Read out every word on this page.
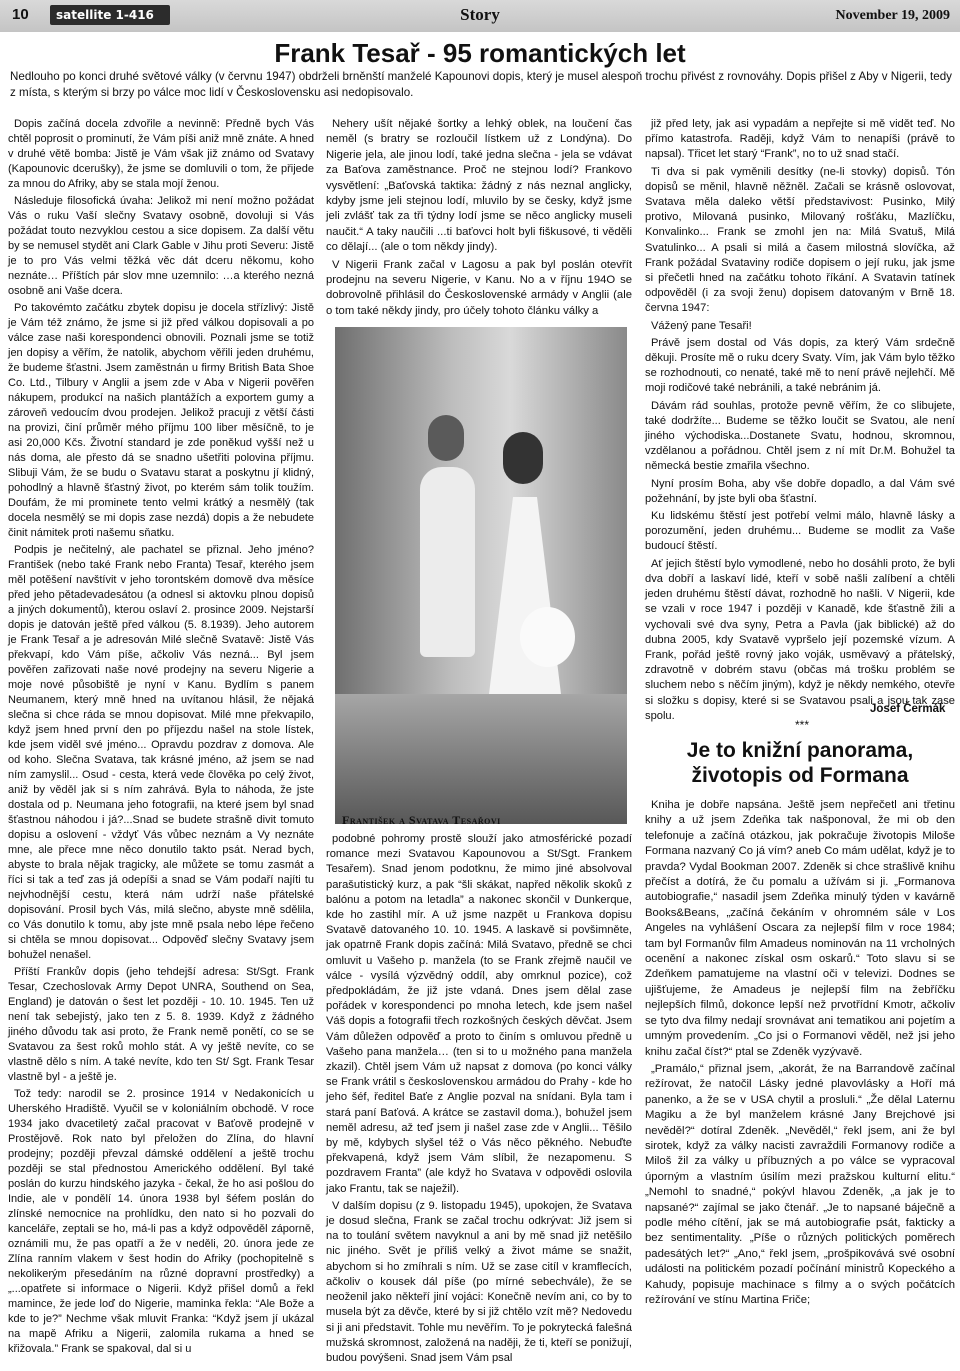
10	satellite 1-416	Story	November 19, 2009
Frank Tesař - 95 romantických let
Nedlouho po konci druhé světové války (v červnu 1947) obdrželi brněnští manželé Kapounovi dopis, který je musel alespoň trochu přivést z rovnováhy. Dopis přišel z Aby v Nigerii, tedy z místa, s kterým si brzy po válce moc lidí v Československu asi nedopisovalo.

Dopis začíná docela zdvořile a nevinně: Předně bych Vás chtěl poprosit o prominutí, že Vám píši aniž mně znáte. A hned v druhé větě bomba: Jistě je Vám však již známo od Svatavy (Kapounovic dcerušky), že jsme se domluvili o tom, že přijede za mnou do Afriky, aby se stala mojí ženou.

Následuje filosofická úvaha: Jelikož mi není možno požádat Vás o ruku Vaší slečny Svatavy osobně, dovoluji si Vás požádat touto nezvyklou cestou a sice dopisem. Za další větu by se nemusel stydět ani Clark Gable v Jihu proti Severu: Jistě je to pro Vás velmi těžká věc dát dceru někomu, koho neznáte… Příštích pár slov mne uzemnilo: …a kterého nezná osobně ani Vaše dcera.

Po takovémto začátku zbytek dopisu je docela střízlivý: Jistě je Vám též známo, že jsme si již před válkou dopisovali a po válce zase naši korespondenci obnovili. Poznali jsme se totiž jen dopisy a věřím, že natolik, abychom věřili jeden druhému, že budeme šťastni. Jsem zaměstnán u firmy British Bata Shoe Co. Ltd., Tilbury v Anglii a jsem zde v Aba v Nigerii pověřen nákupem, produkcí na našich plantážích a exportem gumy a zároveň vedoucím dvou prodejen. Jelikož pracuji z větší části na provizi, činí průměr mého příjmu 100 liber měsíčně, to je asi 20,000 Kčs. Životní standard je zde poněkud vyšší než u nás doma, ale přesto dá se snadno ušetřiti polovina příjmu. Slibuji Vám, že se budu o Svatavu starat a poskytnu jí klidný, pohodlný a hlavně šťastný život, po kterém sám tolik toužím. Doufám, že mi prominete tento velmi krátký a nesmělý (tak docela nesmělý se mi dopis zase nezdá) dopis a že nebudete činit námitek proti našemu sňatku.

Podpis je nečitelný, ale pachatel se přiznal. Jeho jméno? František (nebo také Frank nebo Franta) Tesař, kterého jsem měl potěšení navštívit v jeho torontském domově dva měsíce před jeho pětadevadesátou (a odnesl si aktovku plnou dopisů a jiných dokumentů), kterou oslaví 2. prosince 2009. Nejstarší dopis je datován ještě před válkou (5. 8.1939). Jeho autorem je Frank Tesař a je adresován Milé slečně Svatavě: Jistě Vás překvapí, kdo Vám píše, ačkoliv Vás nezná... Byl jsem pověřen zařizovati naše nové prodejny na severu Nigerie a moje nové působiště je nyní v Kanu. Bydlím s panem Neumanem, který mně hned na uvítanou hlásil, že nějaká slečna si chce ráda se mnou dopisovat. Milé mne překvapilo, když jsem hned první den po příjezdu našel na stole lístek, kde jsem viděl své jméno... Opravdu pozdrav z domova. Ale od koho. Slečna Svatava, tak krásné jméno, až jsem se nad ním zamyslil... Osud - cesta, která vede člověka po celý život, aniž by věděl jak si s ním zahrává. Byla to náhoda, že jste dostala od p. Neumana jeho fotografii, na které jsem byl snad šťastnou náhodou i já?...Snad se budete strašně divit tomuto dopisu a oslovení - vždyť Vás vůbec neznám a Vy neznáte mne, ale přece mne něco donutilo takto psát. Nerad bych, abyste to brala nějak tragicky, ale můžete se tomu zasmát a říci si tak a teď zas já odepíši a snad se Vám podaří najíti tu nejvhodnější cestu, která nám udrží naše přátelské dopisování. Prosil bych Vás, milá slečno, abyste mně sdělila, co Vás donutilo k tomu, aby jste mně psala nebo lépe řečeno si chtěla se mnou dopisovat... Odpověď slečny Svatavy jsem bohužel nenašel.

Příští Frankův dopis (jeho tehdejší adresa: St/Sgt. Frank Tesar, Czechoslovak Army Depot UNRA, Southend on Sea, England) je datován o šest let později - 10. 10. 1945. Ten už není tak sebejistý, jako ten z 5. 8. 1939. Když z žádného jiného důvodu tak asi proto, že Frank nemě ponětí, co se se Svatavou za šest roků mohlo stát. A vy ještě nevíte, co se vlastně dělo s ním. A také nevíte, kdo ten St/ Sgt. Frank Tesar vlastně byl - a ještě je.

Tož tedy: narodil se 2. prosince 1914 v Nedakonicích u Uherského Hradiště. Vyučil se v koloniálním obchodě. V roce 1934 jako dvacetiletý začal pracovat v Baťově prodejně v Prostějově. Rok nato byl přeložen do Zlína, do hlavní prodejny; později převzal dámské oddělení a ještě trochu později se stal přednostou Amerického oddělení. Byl také poslán do kurzu hindského jazyka - čekal, že ho asi pošlou do Indie, ale v pondělí 14. února 1938 byl šéfem poslán do zlínské nemocnice na prohlídku, den nato si ho pozvali do kanceláře, zeptali se ho, má-li pas a když odpověděl záporně, oznámili mu, že pas opatří a že v neděli, 20. února jede ze Zlína ranním vlakem v šest hodin do Afriky (pochopitelně s nekolikerým přesedáním na různé dopravní prostředky) a „...opatřete si informace o Nigerii. Když přišel domů a řekl mamince, že jede loď do Nigerie, maminka řekla: “Ale Bože a kde to je?” Nechme však mluvit Franka: “Když jsem jí ukázal na mapě Afriku a Nigerii, zalomila rukama a hned se křižovala.” Frank se spakoval, dal si u

Nehery ušít nějaké šortky a lehký oblek, na loučení čas neměl (s bratry se rozloučil lístkem už z Londýna). Do Nigerie jela, ale jinou lodí, také jedna slečna - jela se vdávat za Baťova zaměstnance. Proč ne stejnou lodí? Frankovo vysvětlení: „Baťovská taktika: žádný z nás neznal anglicky, kdyby jsme jeli stejnou lodí, mluvilo by se česky, když jsme jeli zvlášť tak za tři týdny lodí jsme se něco anglicky museli naučit.“ A taky naučili ...ti baťovci holt byli fiškusové, ti věděli co dělají... (ale o tom někdy jindy).

V Nigerii Frank začal v Lagosu a pak byl poslán otevřít prodejnu na severu Nigerie, v Kanu. No a v říjnu 194O se dobrovolně přihlásil do Československé armády v Anglii (ale o tom také někdy jindy, pro účely tohoto článku války a

František a Svatava Tesařovi

podobné pohromy prostě slouží jako atmosférické pozadí romance mezi Svatavou Kapounovou a St/Sgt. Frankem Tesařem). Snad jenom podotknu, že mimo jiné absolvoval parašutistický kurz, a pak “šli skákat, napřed několik skoků z balónu a potom na letadla” a nakonec skončil v Dunkerque, kde ho zastihl mír. A už jsme nazpět u Frankova dopisu Svatavě datovaného 10. 10. 1945. A laskavě si povšimněte, jak opatrně Frank dopis začíná: Milá Svatavo, předně se chci omluvit u Vašeho p. manžela (to se Frank zřejmě naučil ve válce - vysílá výzvědný oddíl, aby omrknul pozice), což předpokládám, že již jste vdaná. Dnes jsem dělal zase pořádek v korespondenci po mnoha letech, kde jsem našel Váš dopis a fotografii třech rozkošných českých děvčat. Jsem Vám důležen odpověď a proto to činím s omluvou předně u Vašeho pana manžela… (ten si to u možného pana manžela zkazil). Chtěl jsem Vám už napsat z domova (po konci války se Frank vrátil s československou armádou do Prahy - kde ho jeho šéf, ředitel Baťe z Anglie pozval na snídani. Byla tam i stará paní Baťová. A krátce se zastavil doma.), bohužel jsem neměl adresu, až teď jsem ji našel zase zde v Anglii... Těšilo by mě, kdybych slyšel též o Vás něco pěkného. Nebuďte překvapená, když jsem Vám slíbil, že nezapomenu. S pozdravem Franta” (ale když ho Svatava v odpovědi oslovila jako Frantu, tak se naježil).

V dalším dopisu (z 9. listopadu 1945), upokojen, že Svatava je dosud slečna, Frank se začal trochu odkrývat: Již jsem si na to toulání světem navyknul a ani by mě snad již netěšilo nic jiného. Svět je příliš velký a život máme se snažit, abychom si ho zmíhrali s ním. Už se zase citíl v kramflecích, ačkoliv o kousek dál píše (po mírné sebechvále), že se neoženil jako někteří jiní vojáci: Konečně nevím ani, co by to musela být za děvče, které by si již chtělo vzít mě? Nedovedu si ji ani představit. Tohle mu nevěřím. To je pokrytecká falešná mužská skromnost, založená na naději, že ti, kteří se ponižují, budou povýšeni. Snad jsem Vám psal

již před lety, jak asi vypadám a nepřejte si mě vidět teď. No přímo katastrofa. Raději, když Vám to nenapíši (právě to napsal). Třicet let starý “Frank”, no to už snad stačí.

Ti dva si pak vyměnili desítky (ne-li stovky) dopisů. Tón dopisů se měnil, hlavně něžněl. Začali se krásně oslovovat, Svatava měla daleko větší představivost: Pusinko, Milý protivo, Milovaná pusinko, Milovaný rošťáku, Mazlíčku, Konvalinko... Frank se zmohl jen na: Milá Svatuš, Milá Svatulinko... A psali si milá a časem milostná slovíčka, až Frank požádal Svataviny rodiče dopisem o její ruku, jak jsme si přečetli hned na začátku tohoto říkání. A Svatavin tatínek odpověděl (i za svoji ženu) dopisem datovaným v Brně 18. června 1947:

Vážený pane Tesaři!

Právě jsem dostal od Vás dopis, za který Vám srdečně děkuji. Prosíte mě o ruku dcery Svaty. Vím, jak Vám bylo těžko se rozhodnouti, co nenaté, také mě to není právě nejlehčí. Mě moji rodičové také nebránili, a také nebránim já.

Dávám rád souhlas, protože pevně věřím, že co slibujete, také dodržíte... Budeme se těžko loučit se Svatou, ale není jiného východiska...Dostanete Svatu, hodnou, skromnou, vzdělanou a pořádnou. Chtěl jsem z ní mít Dr.M. Bohužel ta německá bestie zmařila všechno.

Nyní prosím Boha, aby vše dobře dopadlo, a dal Vám své požehnání, by jste byli oba šťastní.

Ku lidskému štěstí jest potřebí velmi málo, hlavně lásky a porozumění, jeden druhému... Budeme se modlit za Vaše budoucí štěstí.

Ať jejich štěstí bylo vymodlené, nebo ho dosáhli proto, že byli dva dobří a laskaví lidé, kteří v sobě našli zalíbení a chtěli jeden druhému štěstí dávat, rozhodně ho našli. V Nigerii, kde se vzali v roce 1947 i později v Kanadě, kde šťastně žili a vychovali své dva syny, Petra a Pavla (jak biblické) až do dubna 2005, kdy Svatavě vypršelo její pozemské vízum. A Frank, pořád ještě rovný jako voják, usměvavý a přátelský, zdravotně v dobrém stavu (občas má trošku problém se sluchem nebo s něčím jiným), když je někdy nemkého, otevře si složku s dopisy, které si se Svatavou psali a jsou tak zase spolu.

Josef Čermák
***
Je to knižní panorama, životopis od Formana

Kniha je dobře napsána. Ještě jsem nepřečetl ani třetinu knihy a už jsem Zdeňka tak našponoval, že mi ob den telefonuje a začíná otázkou, jak pokračuje životopis Miloše Formana nazvaný Co já vím? aneb Co mám udělat, když je to pravda? Vydal Bookman 2007. Zdeněk si chce strašlivě knihu přečíst a dotírá, že ču pomalu a užívám si ji. „Formanova autobiografie,“ nasadil jsem Zdeňka minulý týden v kavárně Books&Beans, „začíná čekáním v ohromném sále v Los Angeles na vyhlášení Oscara za nejlepší film v roce 1984; tam byl Formanův film Amadeus nominován na 11 vrcholných ocenění a nakonec získal osm oskarů.“ Toto slavu si se Zdeňkem pamatujeme na vlastní oči v televizi. Dodnes se ujišťujeme, že Amadeus je nejlepší film na žebříčku nejlepších filmů, dokonce lepší než prvotřídní Kmotr, ačkoliv se tyto dva filmy nedají srovnávat ani tematikou ani pojetím a umným provedením. „Co jsi o Formanovi věděl, než jsi jeho knihu začal číst?“ ptal se Zdeněk vyzývavě.

„Pramálo,“ přiznal jsem, „akorát, že na Barrandově začínal režírovat, že natočil Lásky jedné plavovlásky a Hoří má panenko, a že se v USA chytil a prosluli.“ „Že dělal Laternu Magiku a že byl manželem krásné Jany Brejchové jsi nevěděl?“ dotíral Zdeněk. „Nevěděl,“ řekl jsem, ani že byl sirotek, když za války nacisti zavraždili Formanovy rodiče a Miloš žil za války u příbuzných a po válce se vypracoval úporným a vlastním úsilím mezi pražskou kulturní elitu.“ „Nemohl to snadné,“ pokývl hlavou Zdeněk, „a jak je to napsané?“ zajímal se jako čtenář. „Je to napsané báječně a podle mého cítění, jak se má autobiografie psát, fakticky a bez sentimentality. „Píše o různých politických poměrech padesátých let?“ „Ano,“ řekl jsem, „prošpikovává své osobní události na politickém pozadí počínání ministrů Kopeckého a Kahudy, popisuje machinace s filmy a o svých počátcích režírování ve stínu Martina Friče;
